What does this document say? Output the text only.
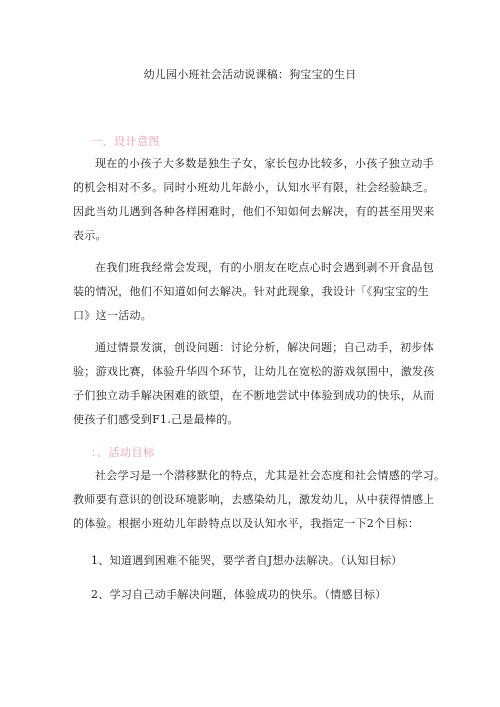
幼儿园小班社会活动说课稿：狗宝宝的生日
一、设计意图
现在的小孩子大多数是独生子女，家长包办比较多，小孩子独立动手
的机会相对不多。同时小班幼儿年龄小，认知水平有限，社会经验缺乏。
因此当幼儿遇到各种各样困难时，他们不知如何去解决，有的甚至用哭来
表示。
在我们班我经常会发现，有的小朋友在吃点心时会遇到剥不开食品包
装的情况，他们不知道如何去解决。针对此现象，我设计「《狗宝宝的生
口》这一活动。
通过情景发演，创设问题：讨论分析，解决问题；自己动手，初步体
验；游戏比赛，体验升华四个环节，让幼儿在宽松的游戏氛围中，激发孩
子们独立动手解决困难的欲望，在不断地尝试中体验到成功的快乐，从而
使孩子们感受到F1.己是最棒的。
：、活动目标
社会学习是一个潜移默化的特点，尤其是社会态度和社会情感的学习。
教师要有意识的创设环境影响，去感染幼儿，激发幼儿，从中获得情感上
的体验。根据小班幼儿年龄特点以及认知水平，我指定一下2个目标：
1、知道遇到困难不能哭，要学者自J想办法解决。（认知目标）
2、学习自己动手解决问题，体验成功的快乐。（情感目标）
